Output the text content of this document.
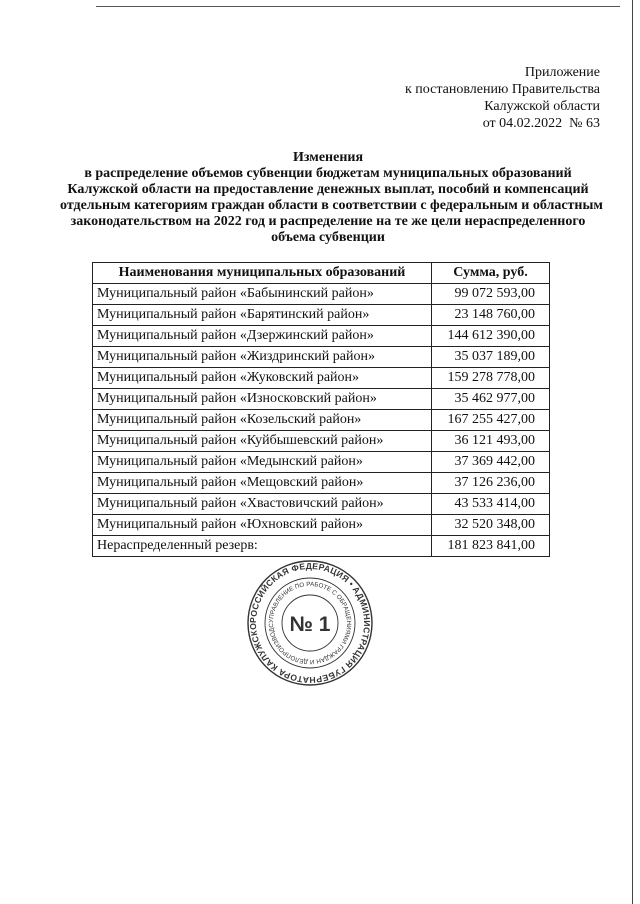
Приложение
к постановлению Правительства
Калужской области
от 04.02.2022  № 63
Изменения
в распределение объемов субвенции бюджетам муниципальных образований
Калужской области на предоставление денежных выплат, пособий и компенсаций
отдельным категориям граждан области в соответствии с федеральным и областным
законодательством на 2022 год и распределение на те же цели нераспределенного
объема субвенции
Наименования муниципальных образований	Сумма, руб.
Муниципальный район «Бабынинский район»	99 072 593,00
Муниципальный район «Барятинский район»	23 148 760,00
Муниципальный район «Дзержинский район»	144 612 390,00
Муниципальный район «Жиздринский район»	35 037 189,00
Муниципальный район «Жуковский район»	159 278 778,00
Муниципальный район «Износковский район»	35 462 977,00
Муниципальный район «Козельский район»	167 255 427,00
Муниципальный район «Куйбышевский район»	36 121 493,00
Муниципальный район «Медынский район»	37 369 442,00
Муниципальный район «Мещовский район»	37 126 236,00
Муниципальный район «Хвастовичский район»	43 533 414,00
Муниципальный район «Юхновский район»	32 520 348,00
Нераспределенный резерв:	181 823 841,00
РОССИЙСКАЯ ФЕДЕРАЦИЯ • АДМИНИСТРАЦИЯ ГУБЕРНАТОРА КАЛУЖСКО
УПРАВЛЕНИЕ ПО РАБОТЕ С ОБРАЩЕНИЯМИ ГРАЖДАН И ДЕЛОПРОИЗВОДС № 1
